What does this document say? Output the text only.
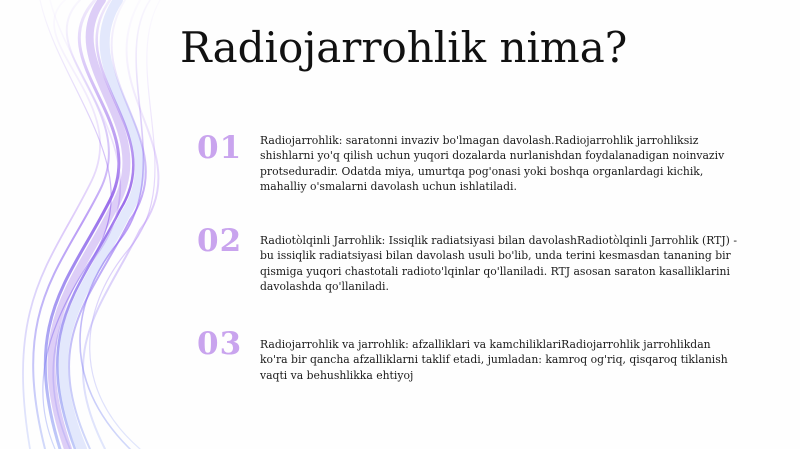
Radiojarrohlik nima?
01	Radiojarrohlik: saratonni invaziv bo'lmagan davolash.Radiojarrohlik jarrohliksiz shishlarni yo'q qilish uchun yuqori dozalarda nurlanishdan foydalanadigan noinvaziv protseduradir. Odatda miya, umurtqa pog'onasi yoki boshqa organlardagi kichik, mahalliy o'smalarni davolash uchun ishlatiladi.
02	Radiotòlqinli Jarrohlik: Issiqlik radiatsiyasi bilan davolashRadiotòlqinli Jarrohlik (RTJ) - bu issiqlik radiatsiyasi bilan davolash usuli bo'lib, unda terini kesmasdan tananing bir qismiga yuqori chastotali radioto'lqinlar qo'llaniladi. RTJ asosan saraton kasalliklarini davolashda qo'llaniladi.
03	Radiojarrohlik va jarrohlik: afzalliklari va kamchiliklariRadiojarrohlik jarrohlikdan ko'ra bir qancha afzalliklarni taklif etadi, jumladan: kamroq og'riq, qisqaroq tiklanish vaqti va behushlikka ehtiyoj
